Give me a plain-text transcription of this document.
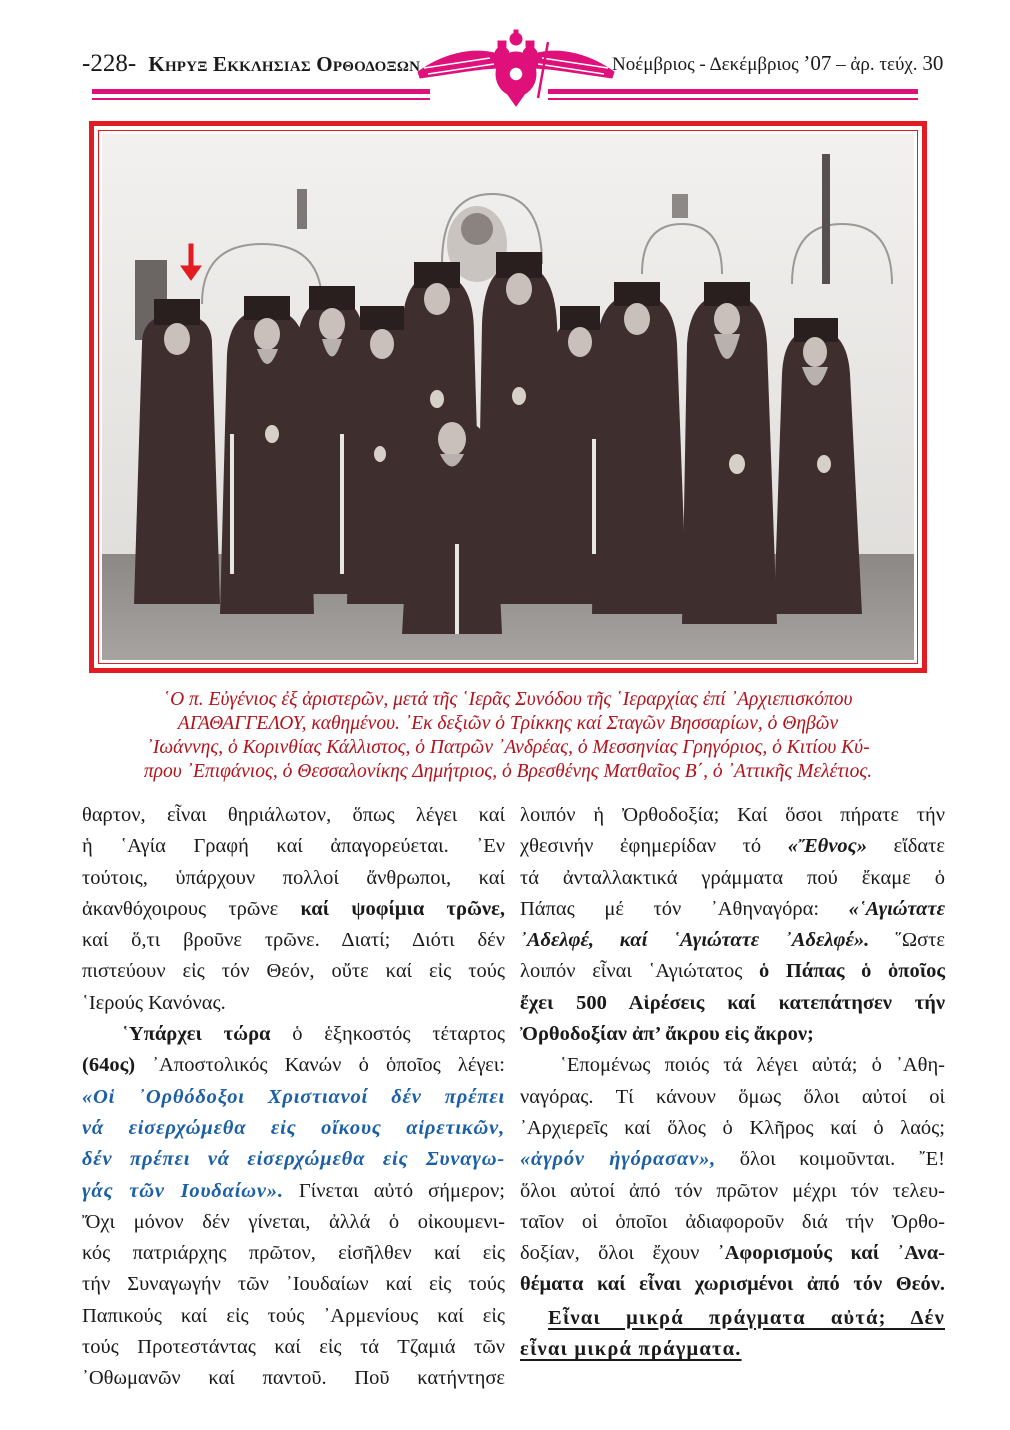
-228- Κηρυξ Εκκλησιας Ορθοδοξων	Νοέμβριος - Δεκέμβριος ’07 – ἀρ. τεύχ. 30
῾Ο π. Εὐγένιος ἐξ ἀριστερῶν, μετά τῆς ῾Ιερᾶς Συνόδου τῆς ῾Ιεραρχίας ἐπί ᾿Αρχιεπισκόπου
ΑΓΑΘΑΓΓΕΛΟΥ, καθημένου. ᾿Εκ δεξιῶν ὁ Τρίκκης καί Σταγῶν Βησσαρίων, ὁ Θηβῶν
᾿Ιωάννης, ὁ Κορινθίας Κάλλιστος, ὁ Πατρῶν ᾿Ανδρέας, ὁ Μεσσηνίας Γρηγόριος, ὁ Κιτίου Κύ-
πρου ᾿Επιφάνιος, ὁ Θεσσαλονίκης Δημήτριος, ὁ Βρεσθένης Ματθαῖος Β΄, ὁ ᾿Αττικῆς Μελέτιος.
θαρτον, εἶναι θηριάλωτον, ὅπως λέγει καί
ἡ ῾Αγία Γραφή καί ἀπαγορεύεται. ᾿Εν
τούτοις, ὑπάρχουν πολλοί ἄνθρωποι, καί
ἀκανθόχοιρους τρῶνε καί ψοφίμια τρῶνε,
καί ὅ,τι βροῦνε τρῶνε. Διατί; Διότι δέν
πιστεύουν εἰς τόν Θεόν, οὔτε καί εἰς τούς
῾Ιερούς Κανόνας.
῾Υπάρχει τώρα ὁ ἑξηκοστός τέταρτος
(64ος) ᾿Αποστολικός Κανών ὁ ὁποῖος λέγει:
«Οἱ ᾿Ορθόδοξοι Χριστιανοί δέν πρέπει
νά εἰσερχώμεθα εἰς οἴκους αἱρετικῶν,
δέν πρέπει νά εἰσερχώμεθα εἰς Συναγω-
γάς τῶν Ιουδαίων». Γίνεται αὐτό σήμερον;
Ὄχι μόνον δέν γίνεται, ἀλλά ὁ οἰκουμενι-
κός πατριάρχης πρῶτον, εἰσῆλθεν καί εἰς
τήν Συναγωγήν τῶν ᾿Ιουδαίων καί εἰς τούς
Παπικούς καί εἰς τούς ᾿Αρμενίους καί εἰς
τούς Προτεστάντας καί εἰς τά Τζαμιά τῶν
᾿Οθωμανῶν καί παντοῦ. Ποῦ κατήντησε
λοιπόν ἡ Ὀρθοδοξία; Καί ὅσοι πήρατε τήν
χθεσινήν ἐφημερίδαν τό «Ἔθνος» εἴδατε
τά ἀνταλλακτικά γράμματα πού ἔκαμε ὁ
Πάπας μέ τόν ᾿Αθηναγόρα: «῾Αγιώτατε
᾿Αδελφέ, καί ῾Αγιώτατε ᾿Αδελφέ». ῞Ωστε
λοιπόν εἶναι ῾Αγιώτατος ὁ Πάπας ὁ ὁποῖος
ἔχει 500 Αἱρέσεις καί κατεπάτησεν τήν
Ὀρθοδοξίαν ἀπ’ ἄκρου εἰς ἄκρον;
῾Επομένως ποιός τά λέγει αὐτά; ὁ ᾿Αθη-
ναγόρας. Τί κάνουν ὅμως ὅλοι αὐτοί οἱ
᾿Αρχιερεῖς καί ὅλος ὁ Κλῆρος καί ὁ λαός;
«ἀγρόν ἠγόρασαν», ὅλοι κοιμοῦνται. ῎Ε!
ὅλοι αὐτοί ἀπό τόν πρῶτον μέχρι τόν τελευ-
ταῖον οἱ ὁποῖοι ἀδιαφοροῦν διά τήν Ὀρθο-
δοξίαν, ὅλοι ἔχουν ᾿Αφορισμούς καί ᾿Ανα-
θέματα καί εἶναι χωρισμένοι ἀπό τόν Θεόν.
Εἶναι μικρά πράγματα αὐτά; Δέν
εἶναι μικρά πράγματα.
